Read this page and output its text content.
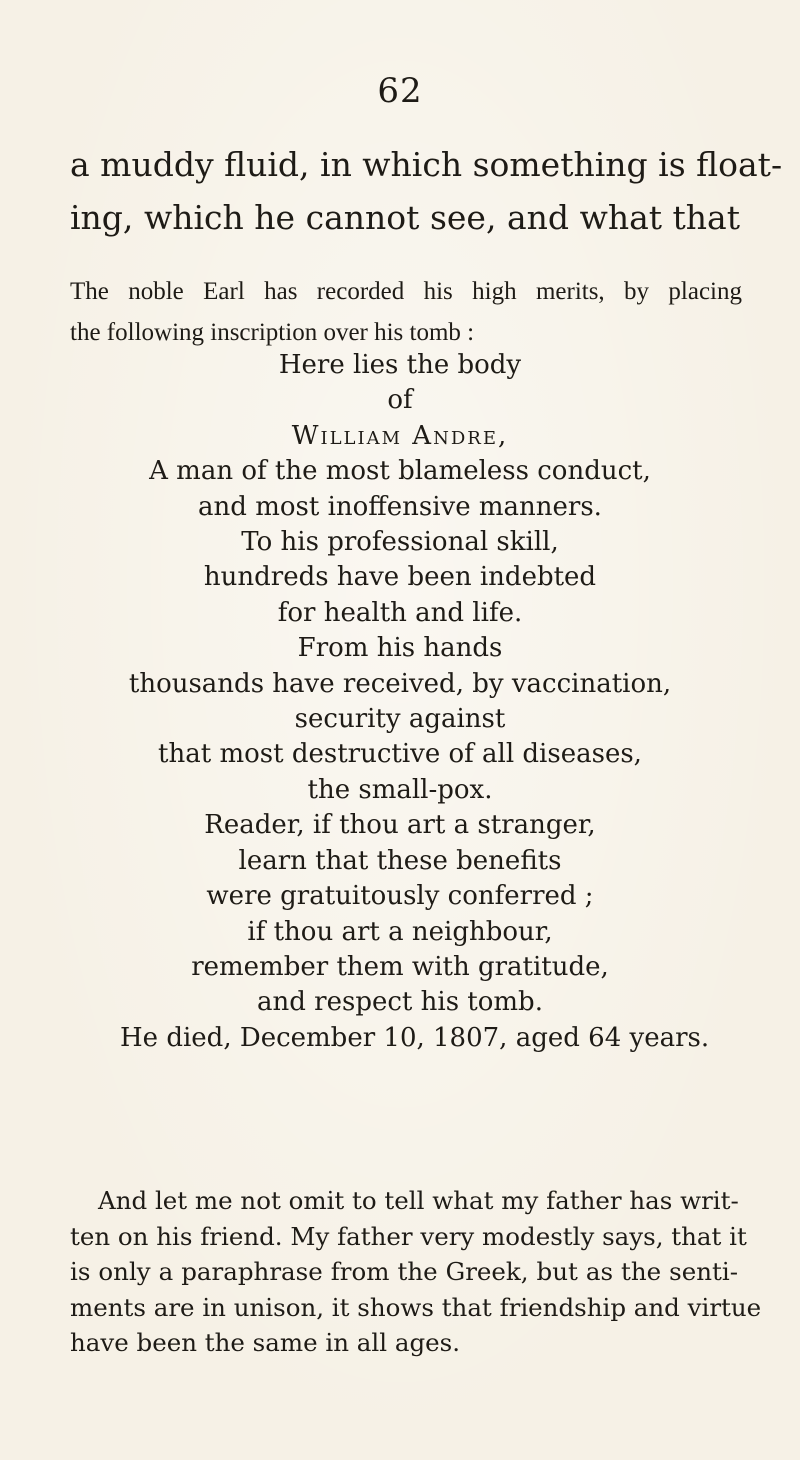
62
a muddy fluid, in which something is float-
ing, which he cannot see, and what that
The noble Earl has recorded his high merits, by placing
the following inscription over his tomb :
Here lies the body
of
William Andre,
A man of the most blameless conduct,
and most inoffensive manners.
To his professional skill,
hundreds have been indebted
for health and life.
From his hands
thousands have received, by vaccination,
security against
that most destructive of all diseases,
the small-pox.
Reader, if thou art a stranger,
learn that these benefits
were gratuitously conferred ;
if thou art a neighbour,
remember them with gratitude,
and respect his tomb.
He died, December 10, 1807, aged 64 years.
And let me not omit to tell what my father has writ-
ten on his friend. My father very modestly says, that it
is only a paraphrase from the Greek, but as the senti-
ments are in unison, it shows that friendship and virtue
have been the same in all ages.
